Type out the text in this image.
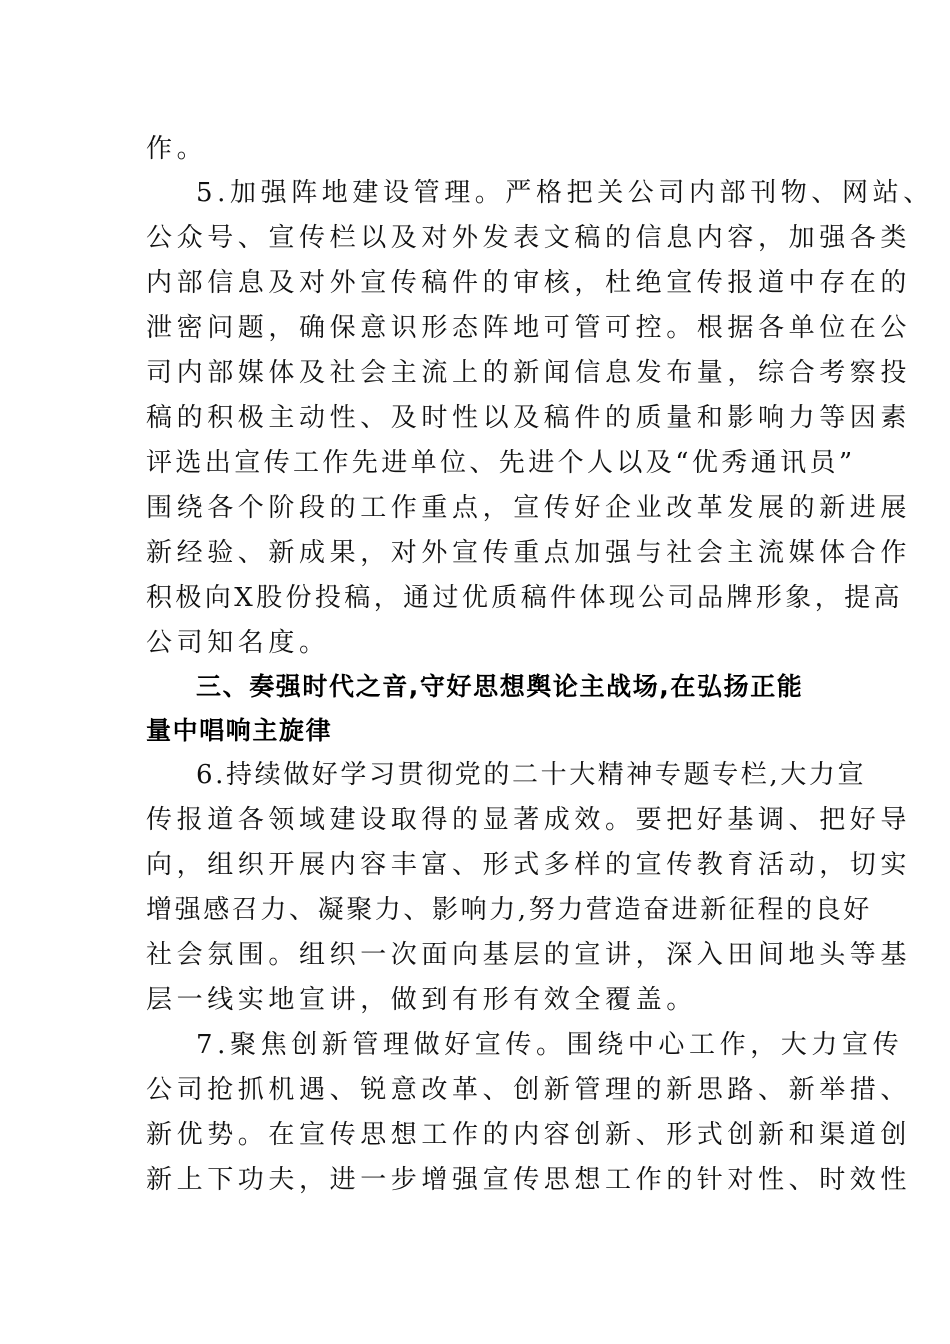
作。
5.加强阵地建设管理。严格把关公司内部刊物、网站、
公众号、宣传栏以及对外发表文稿的信息内容，加强各类
内部信息及对外宣传稿件的审核，杜绝宣传报道中存在的
泄密问题，确保意识形态阵地可管可控。根据各单位在公
司内部媒体及社会主流上的新闻信息发布量，综合考察投
稿的积极主动性、及时性以及稿件的质量和影响力等因素
评选出宣传工作先进单位、先进个人以及“优秀通讯员”
围绕各个阶段的工作重点，宣传好企业改革发展的新进展
新经验、新成果，对外宣传重点加强与社会主流媒体合作
积极向X股份投稿，通过优质稿件体现公司品牌形象，提高
公司知名度。
三、奏强时代之音,守好思想舆论主战场,在弘扬正能
量中唱响主旋律
6.持续做好学习贯彻党的二十大精神专题专栏,大力宣
传报道各领域建设取得的显著成效。要把好基调、把好导
向，组织开展内容丰富、形式多样的宣传教育活动，切实
增强感召力、凝聚力、影响力,努力营造奋进新征程的良好
社会氛围。组织一次面向基层的宣讲，深入田间地头等基
层一线实地宣讲，做到有形有效全覆盖。
7.聚焦创新管理做好宣传。围绕中心工作，大力宣传
公司抢抓机遇、锐意改革、创新管理的新思路、新举措、
新优势。在宣传思想工作的内容创新、形式创新和渠道创
新上下功夫，进一步增强宣传思想工作的针对性、时效性
